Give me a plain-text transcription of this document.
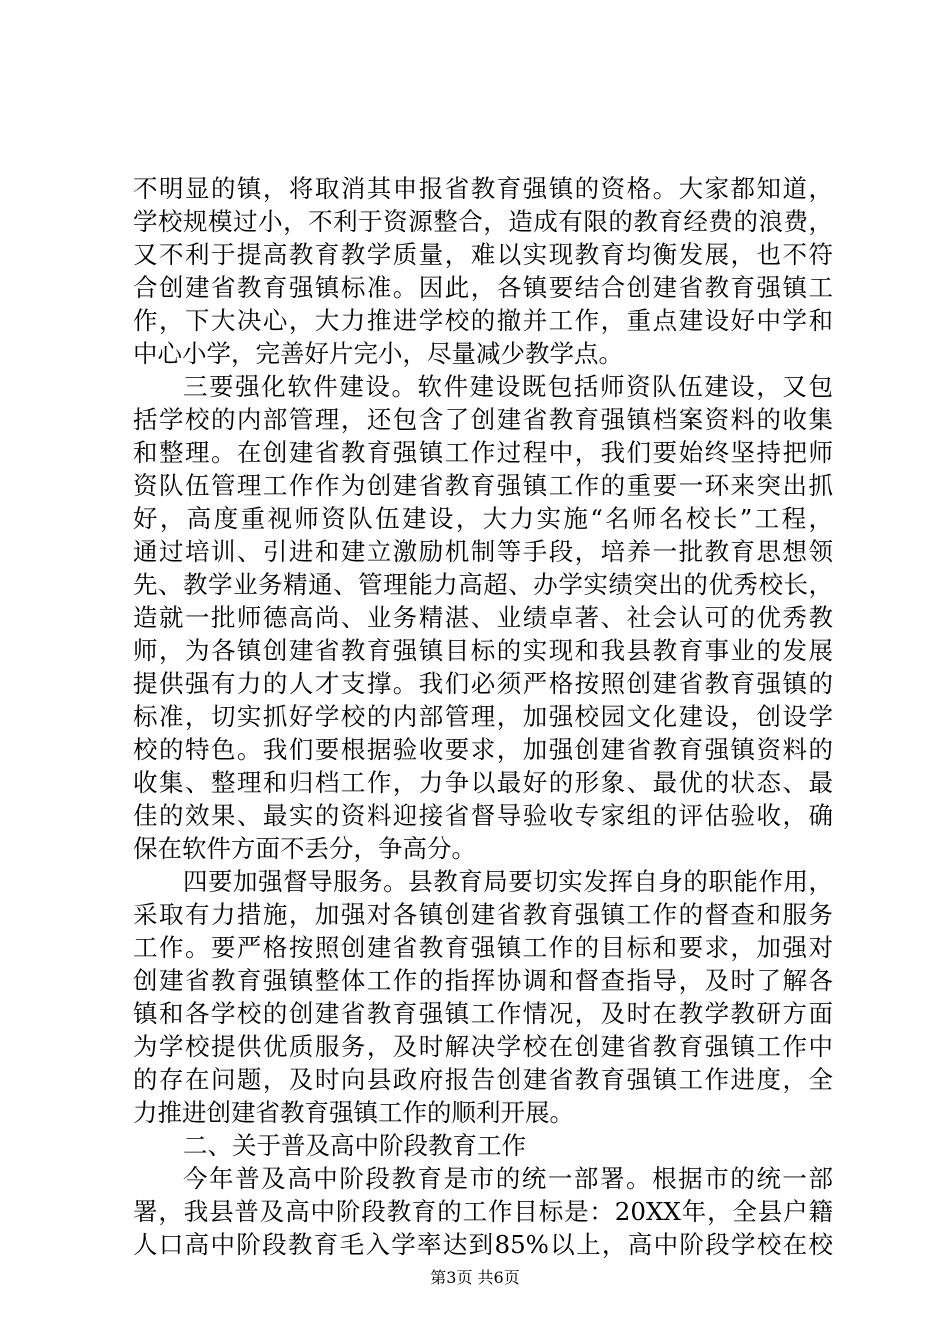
不明显的镇，将取消其申报省教育强镇的资格。大家都知道，
学校规模过小，不利于资源整合，造成有限的教育经费的浪费，
又不利于提高教育教学质量，难以实现教育均衡发展，也不符
合创建省教育强镇标准。因此，各镇要结合创建省教育强镇工
作，下大决心，大力推进学校的撤并工作，重点建设好中学和
中心小学，完善好片完小，尽量减少教学点。
三要强化软件建设。软件建设既包括师资队伍建设，又包
括学校的内部管理，还包含了创建省教育强镇档案资料的收集
和整理。在创建省教育强镇工作过程中，我们要始终坚持把师
资队伍管理工作作为创建省教育强镇工作的重要一环来突出抓
好，高度重视师资队伍建设，大力实施“名师名校长”工程，
通过培训、引进和建立激励机制等手段，培养一批教育思想领
先、教学业务精通、管理能力高超、办学实绩突出的优秀校长，
造就一批师德高尚、业务精湛、业绩卓著、社会认可的优秀教
师，为各镇创建省教育强镇目标的实现和我县教育事业的发展
提供强有力的人才支撑。我们必须严格按照创建省教育强镇的
标准，切实抓好学校的内部管理，加强校园文化建设，创设学
校的特色。我们要根据验收要求，加强创建省教育强镇资料的
收集、整理和归档工作，力争以最好的形象、最优的状态、最
佳的效果、最实的资料迎接省督导验收专家组的评估验收，确
保在软件方面不丢分，争高分。
四要加强督导服务。县教育局要切实发挥自身的职能作用，
采取有力措施，加强对各镇创建省教育强镇工作的督查和服务
工作。要严格按照创建省教育强镇工作的目标和要求，加强对
创建省教育强镇整体工作的指挥协调和督查指导，及时了解各
镇和各学校的创建省教育强镇工作情况，及时在教学教研方面
为学校提供优质服务，及时解决学校在创建省教育强镇工作中
的存在问题，及时向县政府报告创建省教育强镇工作进度，全
力推进创建省教育强镇工作的顺利开展。
二、关于普及高中阶段教育工作
今年普及高中阶段教育是市的统一部署。根据市的统一部
署，我县普及高中阶段教育的工作目标是：20XX年，全县户籍
人口高中阶段教育毛入学率达到85%以上，高中阶段学校在校
第3页 共6页
